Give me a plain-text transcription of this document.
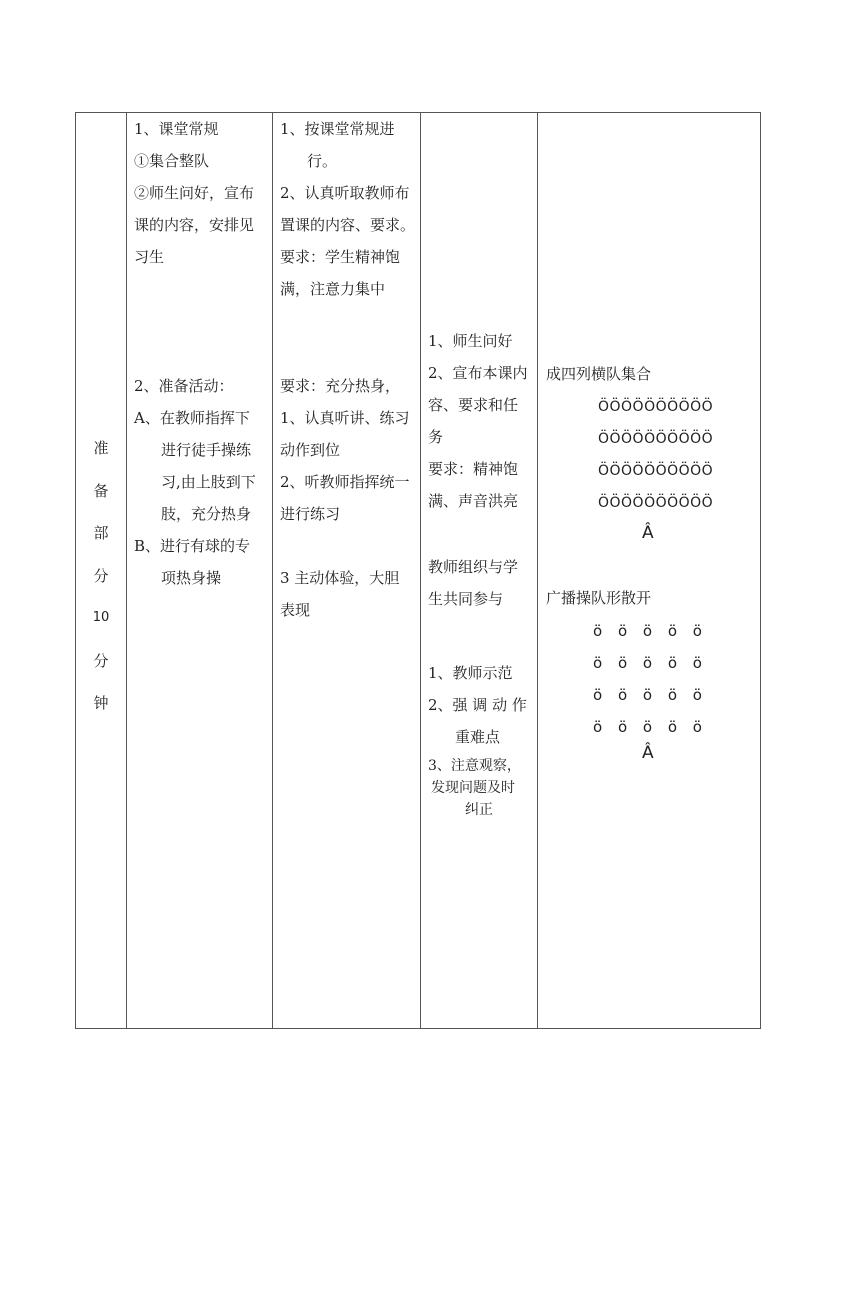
准
备
部
分
10
分
钟
1、课堂常规
①集合整队
②师生问好，宣布
课的内容，安排见
习生
2、准备活动：
A、在教师指挥下
进行徒手操练
习,由上肢到下
肢，充分热身
B、进行有球的专
项热身操
1、按课堂常规进
行。
2、认真听取教师布
置课的内容、要求。
要求：学生精神饱
满，注意力集中
要求：充分热身，
1、认真听讲、练习
动作到位
2、听教师指挥统一
进行练习
3 主动体验，大胆
表现
1、师生问好
2、宣布本课内
容、要求和任
务
要求：精神饱
满、声音洪亮
教师组织与学
生共同参与
1、教师示范
2、强 调 动 作
重难点
3、注意观察，
发现问题及时
纠正
成四列横队集合
ÖÖÖÖÖÖÖÖÖÖ
ÖÖÖÖÖÖÖÖÖÖ
ÖÖÖÖÖÖÖÖÖÖ
ÖÖÖÖÖÖÖÖÖÖ
Â
广播操队形散开
ö ö ö ö ö
ö ö ö ö ö
ö ö ö ö ö
ö ö ö ö ö
Â
